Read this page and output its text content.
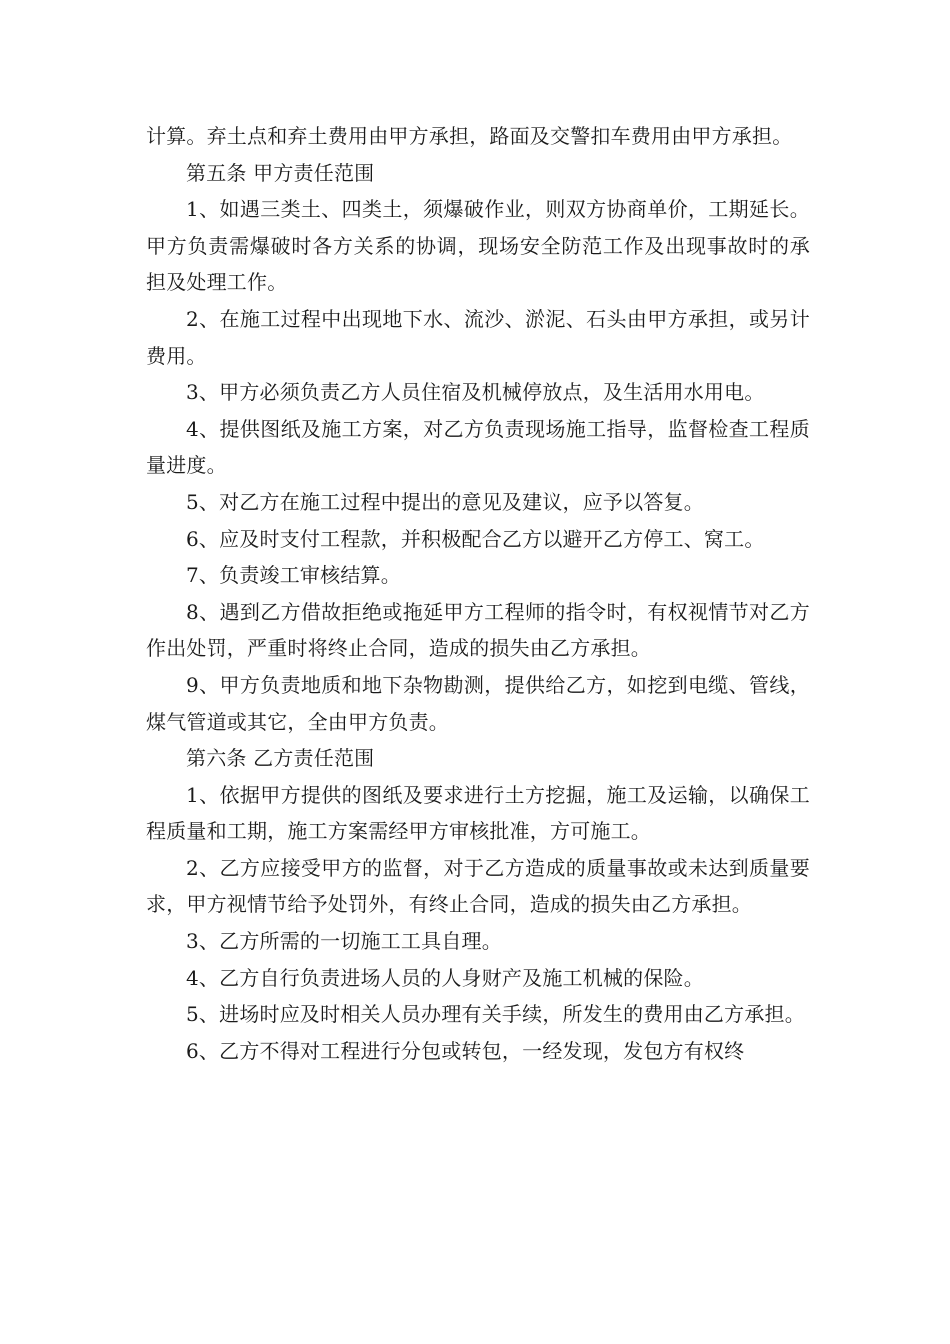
计算。弃土点和弃土费用由甲方承担，路面及交警扣车费用由甲方承担。

第五条 甲方责任范围

1、如遇三类土、四类土，须爆破作业，则双方协商单价，工期延长。甲方负责需爆破时各方关系的协调，现场安全防范工作及出现事故时的承担及处理工作。

2、在施工过程中出现地下水、流沙、淤泥、石头由甲方承担，或另计费用。

3、甲方必须负责乙方人员住宿及机械停放点，及生活用水用电。

4、提供图纸及施工方案，对乙方负责现场施工指导，监督检查工程质量进度。

5、对乙方在施工过程中提出的意见及建议，应予以答复。

6、应及时支付工程款，并积极配合乙方以避开乙方停工、窝工。

7、负责竣工审核结算。

8、遇到乙方借故拒绝或拖延甲方工程师的指令时，有权视情节对乙方作出处罚，严重时将终止合同，造成的损失由乙方承担。

9、甲方负责地质和地下杂物勘测，提供给乙方，如挖到电缆、管线，煤气管道或其它，全由甲方负责。

第六条 乙方责任范围

1、依据甲方提供的图纸及要求进行土方挖掘，施工及运输，以确保工程质量和工期，施工方案需经甲方审核批准，方可施工。

2、乙方应接受甲方的监督，对于乙方造成的质量事故或未达到质量要求，甲方视情节给予处罚外，有终止合同，造成的损失由乙方承担。

3、乙方所需的一切施工工具自理。

4、乙方自行负责进场人员的人身财产及施工机械的保险。

5、进场时应及时相关人员办理有关手续，所发生的费用由乙方承担。

6、乙方不得对工程进行分包或转包，一经发现，发包方有权终
